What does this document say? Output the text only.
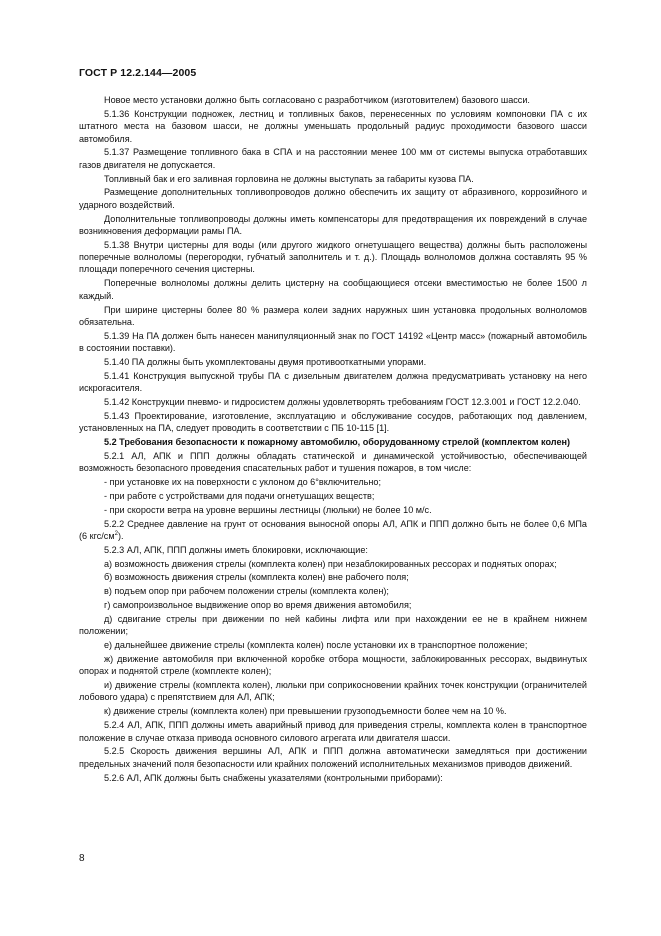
ГОСТ Р 12.2.144—2005

Новое место установки должно быть согласовано с разработчиком (изготовителем) базового шасси.

5.1.36 Конструкции подножек, лестниц и топливных баков, перенесенных по условиям компоновки ПА с их штатного места на базовом шасси, не должны уменьшать продольный радиус проходимости базового шасси автомобиля.

5.1.37 Размещение топливного бака в СПА и на расстоянии менее 100 мм от системы выпуска отработавших газов двигателя не допускается.

Топливный бак и его заливная горловина не должны выступать за габариты кузова ПА.

Размещение дополнительных топливопроводов должно обеспечить их защиту от абразивного, коррозийного и ударного воздействий.

Дополнительные топливопроводы должны иметь компенсаторы для предотвращения их повреждений в случае возникновения деформации рамы ПА.

5.1.38 Внутри цистерны для воды (или другого жидкого огнетушащего вещества) должны быть расположены поперечные волноломы (перегородки, губчатый заполнитель и т. д.). Площадь волноломов должна составлять 95 % площади поперечного сечения цистерны.

Поперечные волноломы должны делить цистерну на сообщающиеся отсеки вместимостью не более 1500 л каждый.

При ширине цистерны более 80 % размера колеи задних наружных шин установка продольных волноломов обязательна.

5.1.39 На ПА должен быть нанесен манипуляционный знак по ГОСТ 14192 «Центр масс» (пожарный автомобиль в состоянии поставки).

5.1.40 ПА должны быть укомплектованы двумя противооткатными упорами.

5.1.41 Конструкция выпускной трубы ПА с дизельным двигателем должна предусматривать установку на него искрогасителя.

5.1.42 Конструкции пневмо- и гидросистем должны удовлетворять требованиям ГОСТ 12.3.001 и ГОСТ 12.2.040.

5.1.43 Проектирование, изготовление, эксплуатацию и обслуживание сосудов, работающих под давлением, установленных на ПА, следует проводить в соответствии с ПБ 10-115 [1].

5.2 Требования безопасности к пожарному автомобилю, оборудованному стрелой (комплектом колен)

5.2.1 АЛ, АПК и ППП должны обладать статической и динамической устойчивостью, обеспечивающей возможность безопасного проведения спасательных работ и тушения пожаров, в том числе:

- при установке их на поверхности с уклоном до 6°включительно;

- при работе с устройствами для подачи огнетушащих веществ;

- при скорости ветра на уровне вершины лестницы (люльки) не более 10 м/с.

5.2.2 Среднее давление на грунт от основания выносной опоры АЛ, АПК и ППП должно быть не более 0,6 МПа (6 кгс/$см^2$).

5.2.3 АЛ, АПК, ППП должны иметь блокировки, исключающие:

а) возможность движения стрелы (комплекта колен) при незаблокированных рессорах и поднятых опорах;

б) возможность движения стрелы (комплекта колен) вне рабочего поля;

в) подъем опор при рабочем положении стрелы (комплекта колен);

г) самопроизвольное выдвижение опор во время движения автомобиля;

д) сдвигание стрелы при движении по ней кабины лифта или при нахождении ее не в крайнем нижнем положении;

е) дальнейшее движение стрелы (комплекта колен) после установки их в транспортное положение;

ж) движение автомобиля при включенной коробке отбора мощности, заблокированных рессорах, выдвинутых опорах и поднятой стреле (комплекте колен);

и) движение стрелы (комплекта колен), люльки при соприкосновении крайних точек конструкции (ограничителей лобового удара) с препятствием для АЛ, АПК;

к) движение стрелы (комплекта колен) при превышении грузоподъемности более чем на 10 %.

5.2.4 АЛ, АПК, ППП должны иметь аварийный привод для приведения стрелы, комплекта колен в транспортное положение в случае отказа привода основного силового агрегата или двигателя шасси.

5.2.5 Скорость движения вершины АЛ, АПК и ППП должна автоматически замедляться при достижении предельных значений поля безопасности или крайних положений исполнительных механизмов приводов движений.

5.2.6 АЛ, АПК должны быть снабжены указателями (контрольными приборами):

8
